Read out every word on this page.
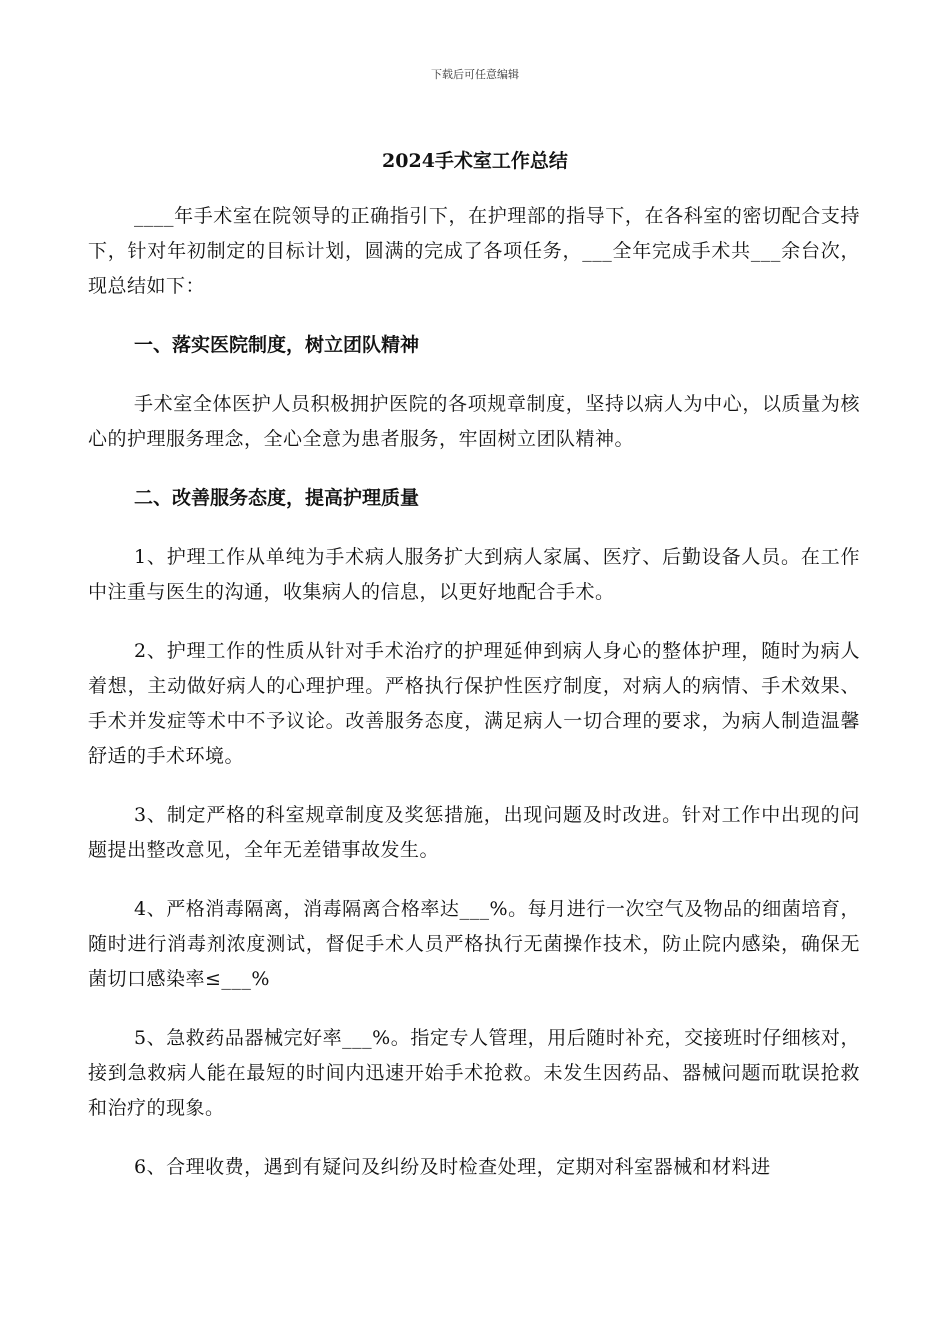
下载后可任意编辑
2024手术室工作总结

____年手术室在院领导的正确指引下，在护理部的指导下，在各科室的密切配合支持下，针对年初制定的目标计划，圆满的完成了各项任务，___全年完成手术共___余台次，现总结如下：

一、落实医院制度，树立团队精神

手术室全体医护人员积极拥护医院的各项规章制度，坚持以病人为中心，以质量为核心的护理服务理念，全心全意为患者服务，牢固树立团队精神。

二、改善服务态度，提高护理质量

1、护理工作从单纯为手术病人服务扩大到病人家属、医疗、后勤设备人员。在工作中注重与医生的沟通，收集病人的信息，以更好地配合手术。

2、护理工作的性质从针对手术治疗的护理延伸到病人身心的整体护理，随时为病人着想，主动做好病人的心理护理。严格执行保护性医疗制度，对病人的病情、手术效果、手术并发症等术中不予议论。改善服务态度，满足病人一切合理的要求，为病人制造温馨舒适的手术环境。

3、制定严格的科室规章制度及奖惩措施，出现问题及时改进。针对工作中出现的问题提出整改意见，全年无差错事故发生。

4、严格消毒隔离，消毒隔离合格率达___%。每月进行一次空气及物品的细菌培育，随时进行消毒剂浓度测试，督促手术人员严格执行无菌操作技术，防止院内感染，确保无菌切口感染率≤___%

5、急救药品器械完好率___%。指定专人管理，用后随时补充，交接班时仔细核对，接到急救病人能在最短的时间内迅速开始手术抢救。未发生因药品、器械问题而耽误抢救和治疗的现象。

6、合理收费，遇到有疑问及纠纷及时检查处理，定期对科室器械和材料进
